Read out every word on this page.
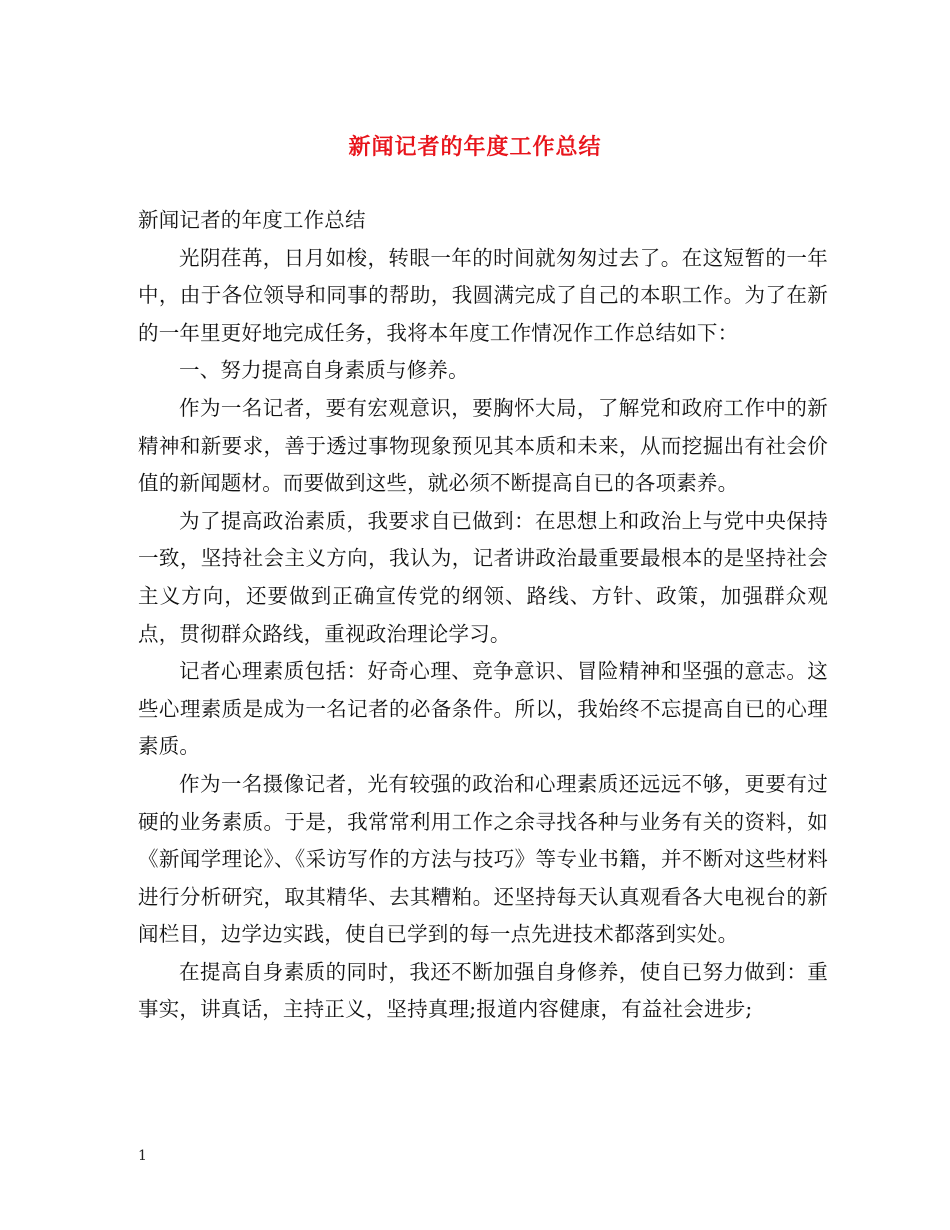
新闻记者的年度工作总结

新闻记者的年度工作总结

光阴荏苒，日月如梭，转眼一年的时间就匆匆过去了。在这短暂的一年中，由于各位领导和同事的帮助，我圆满完成了自己的本职工作。为了在新的一年里更好地完成任务，我将本年度工作情况作工作总结如下：

一、努力提高自身素质与修养。

作为一名记者，要有宏观意识，要胸怀大局，了解党和政府工作中的新精神和新要求，善于透过事物现象预见其本质和未来，从而挖掘出有社会价值的新闻题材。而要做到这些，就必须不断提高自已的各项素养。

为了提高政治素质，我要求自已做到：在思想上和政治上与党中央保持一致，坚持社会主义方向，我认为，记者讲政治最重要最根本的是坚持社会主义方向，还要做到正确宣传党的纲领、路线、方针、政策，加强群众观点，贯彻群众路线，重视政治理论学习。

记者心理素质包括：好奇心理、竞争意识、冒险精神和坚强的意志。这些心理素质是成为一名记者的必备条件。所以，我始终不忘提高自已的心理素质。

作为一名摄像记者，光有较强的政治和心理素质还远远不够，更要有过硬的业务素质。于是，我常常利用工作之余寻找各种与业务有关的资料，如《新闻学理论》、《采访写作的方法与技巧》等专业书籍，并不断对这些材料进行分析研究，取其精华、去其糟粕。还坚持每天认真观看各大电视台的新闻栏目，边学边实践，使自已学到的每一点先进技术都落到实处。

在提高自身素质的同时，我还不断加强自身修养，使自已努力做到：重事实，讲真话，主持正义，坚持真理;报道内容健康，有益社会进步;

1
